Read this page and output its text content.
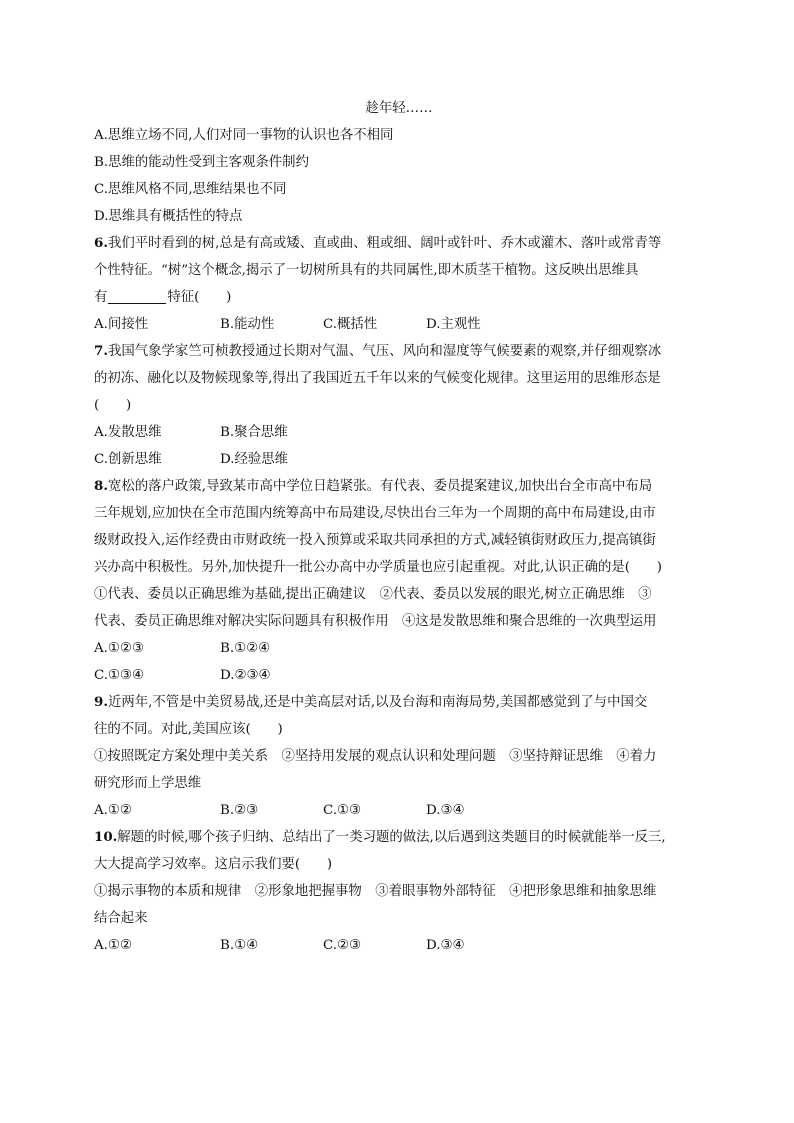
趁年轻……
A.思维立场不同,人们对同一事物的认识也各不相同
B.思维的能动性受到主客观条件制约
C.思维风格不同,思维结果也不同
D.思维具有概括性的特点
6.我们平时看到的树,总是有高或矮、直或曲、粗或细、阔叶或针叶、乔木或灌木、落叶或常青等
个性特征。“树”这个概念,揭示了一切树所具有的共同属性,即木质茎干植物。这反映出思维具
有	特征(　　)
A.间接性	B.能动性	C.概括性	D.主观性
7.我国气象学家竺可桢教授通过长期对气温、气压、风向和湿度等气候要素的观察,并仔细观察冰
的初冻、融化以及物候现象等,得出了我国近五千年以来的气候变化规律。这里运用的思维形态是
(　　)
A.发散思维	B.聚合思维
C.创新思维	D.经验思维
8.宽松的落户政策,导致某市高中学位日趋紧张。有代表、委员提案建议,加快出台全市高中布局
三年规划,应加快在全市范围内统筹高中布局建设,尽快出台三年为一个周期的高中布局建设,由市
级财政投入,运作经费由市财政统一投入预算或采取共同承担的方式,减轻镇街财政压力,提高镇街
兴办高中积极性。另外,加快提升一批公办高中办学质量也应引起重视。对此,认识正确的是(　　)
①代表、委员以正确思维为基础,提出正确建议　②代表、委员以发展的眼光,树立正确思维　③
代表、委员正确思维对解决实际问题具有积极作用　④这是发散思维和聚合思维的一次典型运用
A.①②③	B.①②④
C.①③④	D.②③④
9.近两年,不管是中美贸易战,还是中美高层对话,以及台海和南海局势,美国都感觉到了与中国交
往的不同。对此,美国应该(　　)
①按照既定方案处理中美关系　②坚持用发展的观点认识和处理问题　③坚持辩证思维　④着力
研究形而上学思维
A.①②	B.②③	C.①③	D.③④
10.解题的时候,哪个孩子归纳、总结出了一类习题的做法,以后遇到这类题目的时候就能举一反三,
大大提高学习效率。这启示我们要(　　)
①揭示事物的本质和规律　②形象地把握事物　③着眼事物外部特征　④把形象思维和抽象思维
结合起来
A.①②	B.①④	C.②③	D.③④
